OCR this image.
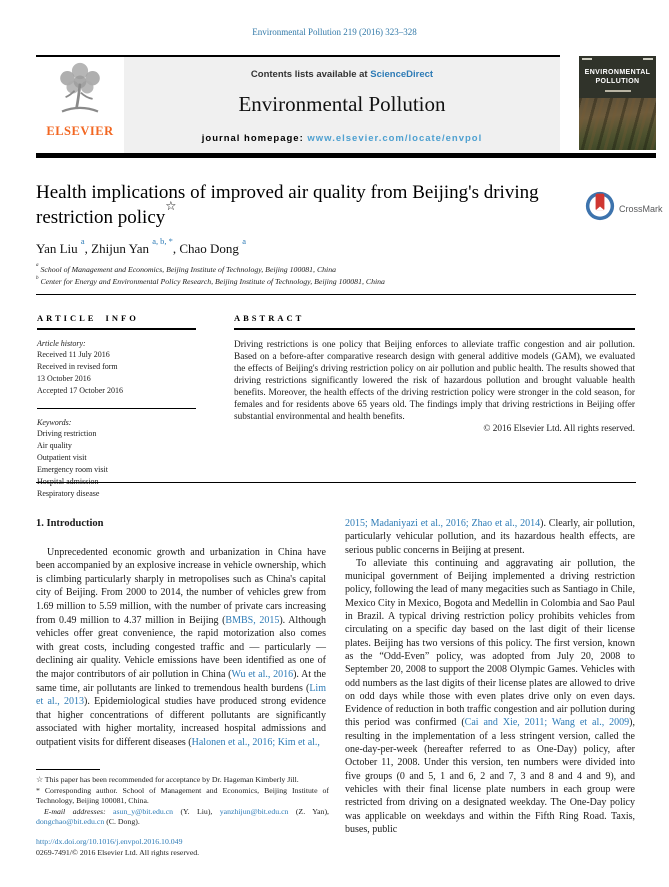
Environmental Pollution 219 (2016) 323–328
ELSEVIER
Contents lists available at ScienceDirect
Environmental Pollution
journal homepage: www.elsevier.com/locate/envpol
ENVIRONMENTAL
POLLUTION
Health implications of improved air quality from Beijing's driving restriction policy☆	CrossMark
Yan Liu $^a$, Zhijun Yan $^{a, b, *}$, Chao Dong $^a$
$^a$ School of Management and Economics, Beijing Institute of Technology, Beijing 100081, China
$^b$ Center for Energy and Environmental Policy Research, Beijing Institute of Technology, Beijing 100081, China
ARTICLE INFO
Article history:
Received 11 July 2016
Received in revised form
13 October 2016
Accepted 17 October 2016
Keywords:
Driving restriction
Air quality
Outpatient visit
Emergency room visit
Respiratory disease
ABSTRACT
Driving restrictions is one policy that Beijing enforces to alleviate traffic congestion and air pollution. Based on a before-after comparative research design with general additive models (GAM), we evaluated the effects of Beijing's driving restriction policy on air pollution and public health. The results showed that driving restrictions significantly lowered the risk of hazardous pollution and brought valuable health benefits. Moreover, the health effects of the driving restriction policy were stronger in the cold season, for females and for residents above 65 years old. The findings imply that driving restrictions in Beijing offer substantial environmental and health benefits.
© 2016 Elsevier Ltd. All rights reserved.
1. Introduction

Unprecedented economic growth and urbanization in China have been accompanied by an explosive increase in vehicle ownership, which is climbing particularly sharply in metropolises such as China's capital city of Beijing. From 2000 to 2014, the number of vehicles grew from 1.69 million to 5.59 million, with the number of private cars increasing from 0.49 million to 4.37 million in Beijing (BMBS, 2015). Although vehicles offer great convenience, the rapid motorization also comes with great costs, including congested traffic and — particularly — declining air quality. Vehicle emissions have been identified as one of the major contributors of air pollution in China (Wu et al., 2016). At the same time, air pollutants are linked to tremendous health burdens (Lim et al., 2013). Epidemiological studies have produced strong evidence that higher concentrations of different pollutants are significantly associated with higher mortality, increased hospital admissions and outpatient visits for different diseases (Halonen et al., 2016; Kim et al.,

2015; Madaniyazi et al., 2016; Zhao et al., 2014). Clearly, air pollution, particularly vehicular pollution, and its hazardous health effects, are serious public concerns in Beijing at present.

To alleviate this continuing and aggravating air pollution, the municipal government of Beijing implemented a driving restriction policy, following the lead of many megacities such as Santiago in Chile, Mexico City in Mexico, Bogota and Medellin in Colombia and Sao Paul in Brazil. A typical driving restriction policy prohibits vehicles from circulating on a specific day based on the last digit of their license plates. Beijing has two versions of this policy. The first version, known as the “Odd-Even” policy, was adopted from July 20, 2008 to September 20, 2008 to support the 2008 Olympic Games. Vehicles with odd numbers as the last digits of their license plates are allowed to drive on odd days while those with even plates drive only on even days. Evidence of reduction in both traffic congestion and air pollution during this period was confirmed (Cai and Xie, 2011; Wang et al., 2009), resulting in the implementation of a less stringent version, called the one-day-per-week (hereafter referred to as One-Day) policy, after October 11, 2008. Under this version, ten numbers were divided into five groups (0 and 5, 1 and 6, 2 and 7, 3 and 8 and 4 and 9), and vehicles with their final license plate numbers in each group were restricted from driving on a designated weekday. The One-Day policy was applicable on weekdays and within the Fifth Ring Road. Taxis, buses, public

☆ This paper has been recommended for acceptance by Dr. Hageman Kimberly Jill.

* Corresponding author. School of Management and Economics, Beijing Institute of Technology, Beijing 100081, China.

E-mail addresses: asun_y@bit.edu.cn (Y. Liu), yanzhijun@bit.edu.cn (Z. Yan), dongchao@bit.edu.cn (C. Dong).

http://dx.doi.org/10.1016/j.envpol.2016.10.049
0269-7491/© 2016 Elsevier Ltd. All rights reserved.
